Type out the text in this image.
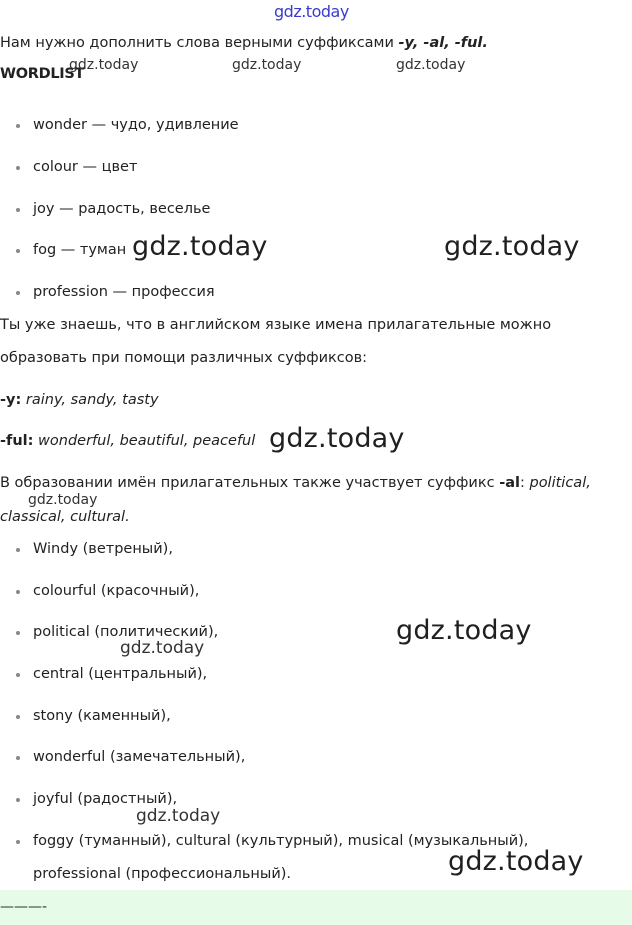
gdz.today
Нам нужно дополнить слова верными суффиксами -y, -al, -ful.
WORDLIST
wonder — чудо, удивление
colour — цвет
joy — радость, веселье
fog — туман
profession — профессия
Ты уже знаешь, что в английском языке имена прилагательные можно
образовать при помощи различных суффиксов:
-y: rainy, sandy, tasty
-ful: wonderful, beautiful, peaceful
В образовании имён прилагательных также участвует суффикс -al: political,
classical, cultural.
Windy (ветреный),
colourful (красочный),
political (политический),
central (центральный),
stony (каменный),
wonderful (замечательный),
joyful (радостный),
foggy (туманный), cultural (культурный), musical (музыкальный),
professional (профессиональный).
gdz.today	gdz.today	gdz.today
gdz.today	gdz.today
gdz.today
gdz.today
gdz.today
gdz.today
gdz.today
gdz.today
———-
